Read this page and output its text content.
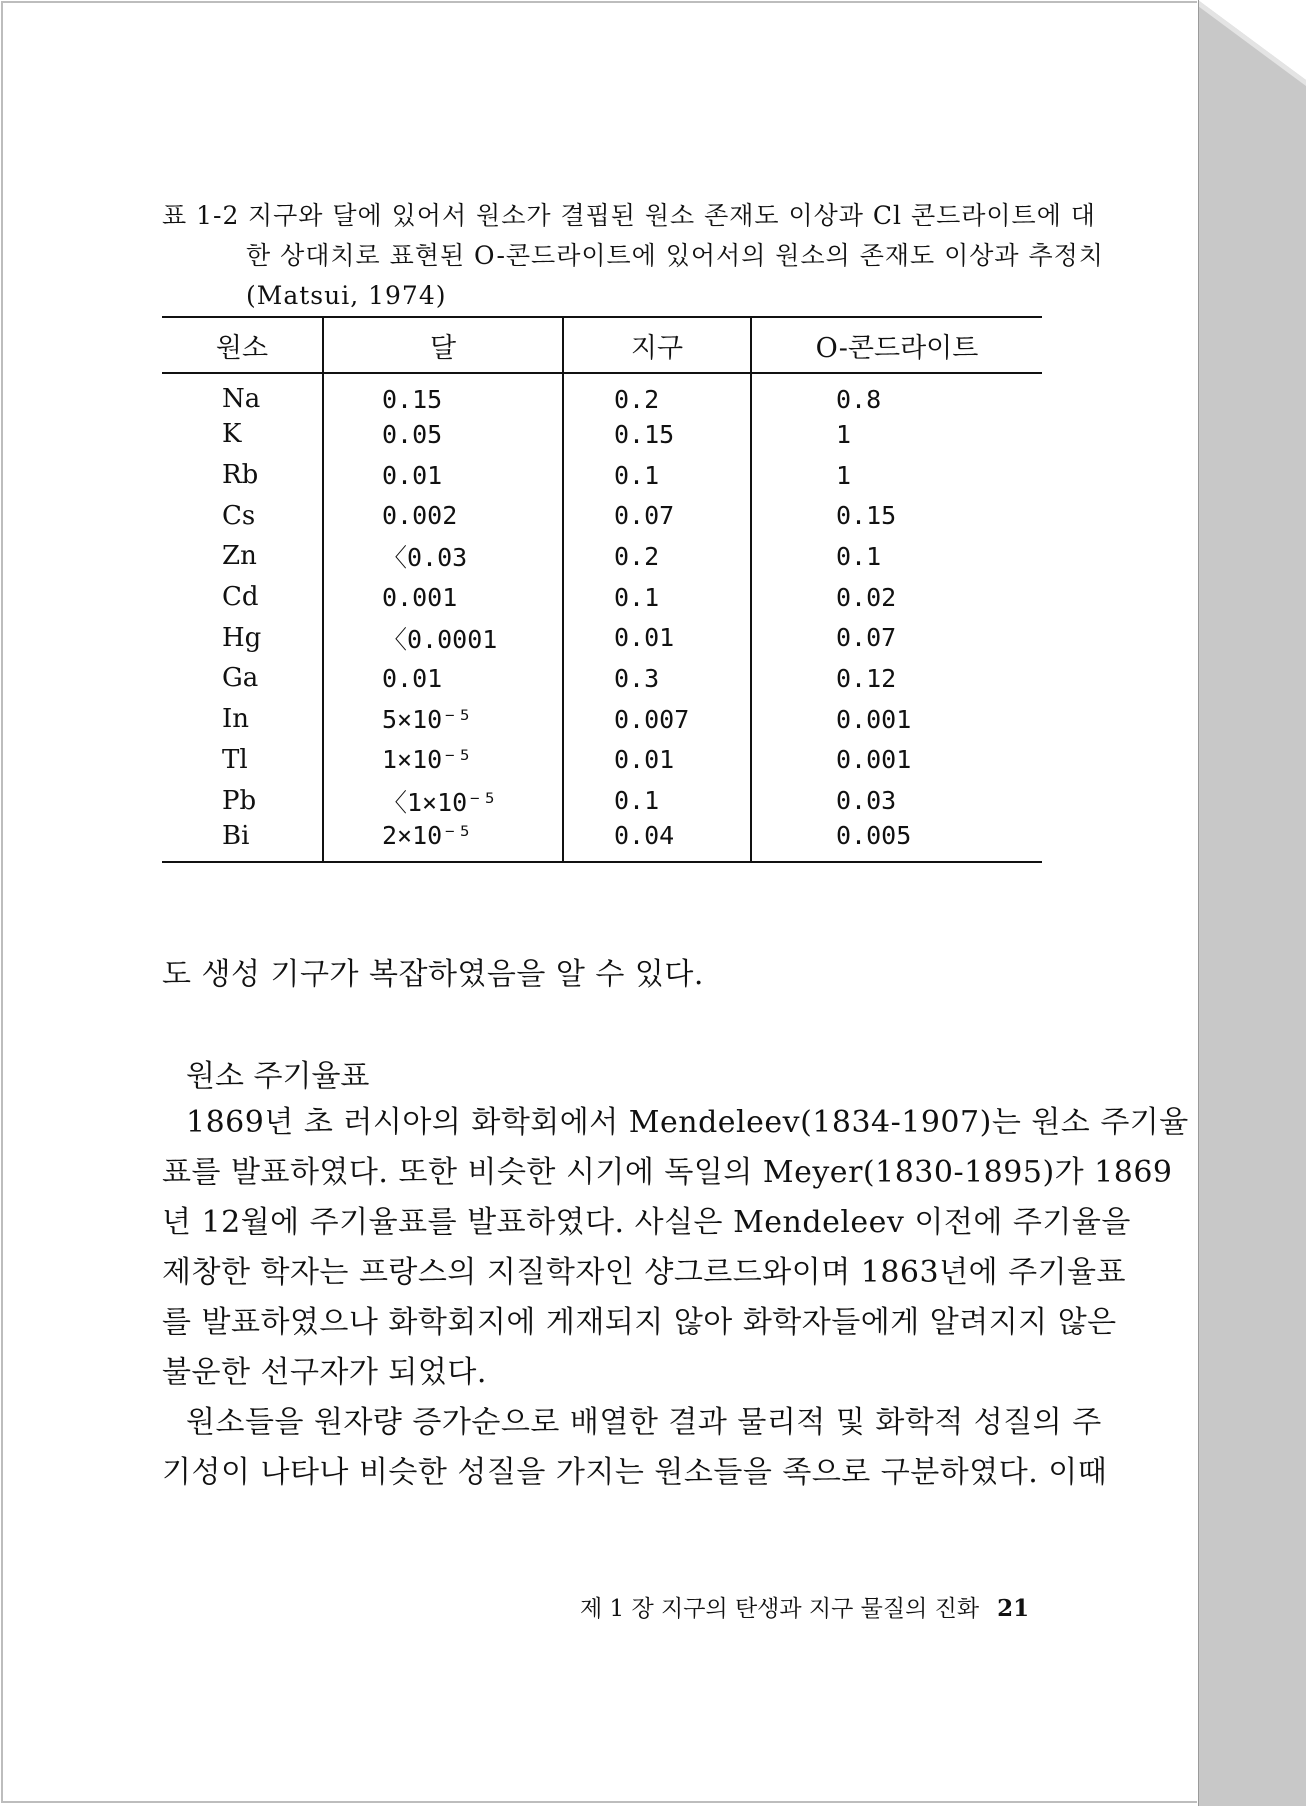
표 1-2 지구와 달에 있어서 원소가 결핍된 원소 존재도 이상과 Cl 콘드라이트에 대
한 상대치로 표현된 O-콘드라이트에 있어서의 원소의 존재도 이상과 추정치
(Matsui, 1974)
원소	달	지구	O-콘드라이트
Na	0.15	0.2	0.8
K	0.05	0.15	1
Rb	0.01	0.1	1
Cs	0.002	0.07	0.15
Zn	〈0.03	0.2	0.1
Cd	0.001	0.1	0.02
Hg	〈0.0001	0.01	0.07
Ga	0.01	0.3	0.12
In	5×10⁻⁵	0.007	0.001
Tl	1×10⁻⁵	0.01	0.001
Pb	〈1×10⁻⁵	0.1	0.03
Bi	2×10⁻⁵	0.04	0.005
도 생성 기구가 복잡하였음을 알 수 있다.
원소 주기율표
1869년 초 러시아의 화학회에서 Mendeleev(1834-1907)는 원소 주기율
표를 발표하였다. 또한 비슷한 시기에 독일의 Meyer(1830-1895)가 1869
년 12월에 주기율표를 발표하였다. 사실은 Mendeleev 이전에 주기율을
제창한 학자는 프랑스의 지질학자인 샹그르드와이며 1863년에 주기율표
를 발표하였으나 화학회지에 게재되지 않아 화학자들에게 알려지지 않은
불운한 선구자가 되었다.
원소들을 원자량 증가순으로 배열한 결과 물리적 및 화학적 성질의 주
기성이 나타나 비슷한 성질을 가지는 원소들을 족으로 구분하였다. 이때
제 1 장 지구의 탄생과 지구 물질의 진화 21
